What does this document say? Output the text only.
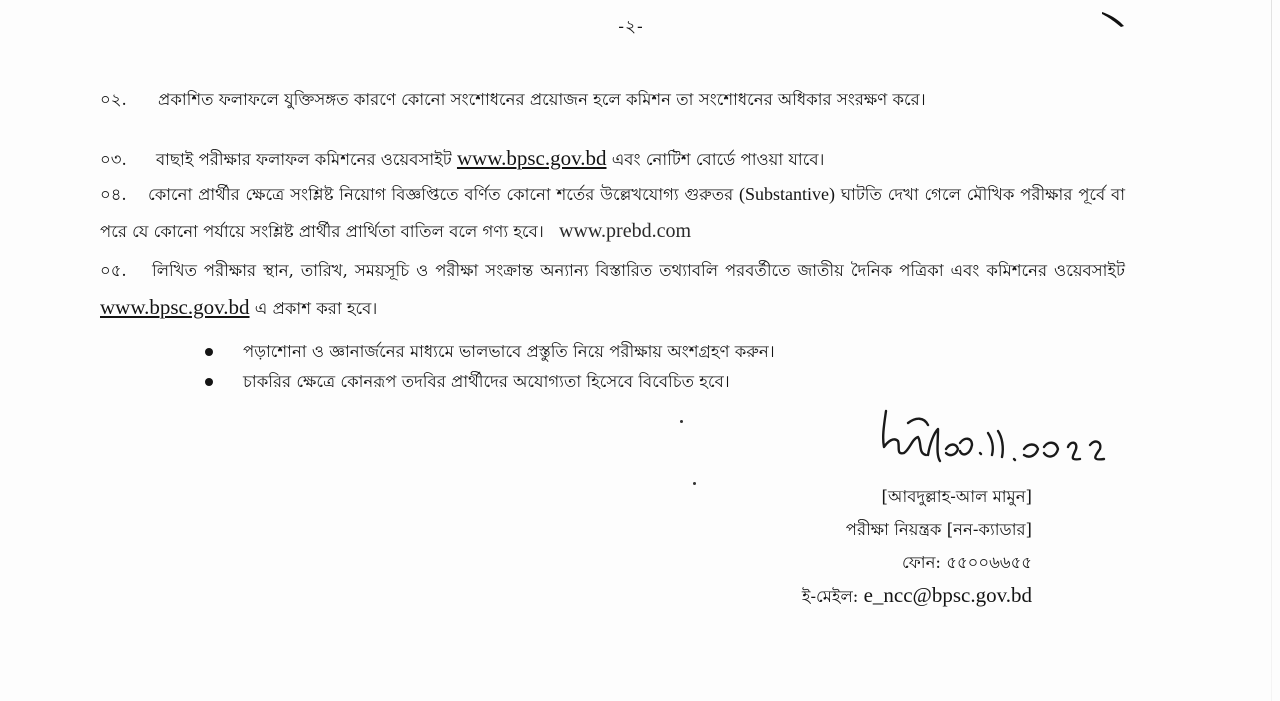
-২-
০২. প্রকাশিত ফলাফলে যুক্তিসঙ্গত কারণে কোনো সংশোধনের প্রয়োজন হলে কমিশন তা সংশোধনের অধিকার সংরক্ষণ করে।
০৩. বাছাই পরীক্ষার ফলাফল কমিশনের ওয়েবসাইট www.bpsc.gov.bd এবং নোটিশ বোর্ডে পাওয়া যাবে।
০৪. কোনো প্রার্থীর ক্ষেত্রে সংশ্লিষ্ট নিয়োগ বিজ্ঞপ্তিতে বর্ণিত কোনো শর্তের উল্লেখযোগ্য গুরুতর (Substantive) ঘাটতি দেখা গেলে মৌখিক পরীক্ষার পূর্বে বা পরে যে কোনো পর্যায়ে সংশ্লিষ্ট প্রার্থীর প্রার্থিতা বাতিল বলে গণ্য হবে। www.prebd.com
০৫. লিখিত পরীক্ষার স্থান, তারিখ, সময়সূচি ও পরীক্ষা সংক্রান্ত অন্যান্য বিস্তারিত তথ্যাবলি পরবর্তীতে জাতীয় দৈনিক পত্রিকা এবং কমিশনের ওয়েবসাইট www.bpsc.gov.bd এ প্রকাশ করা হবে।
পড়াশোনা ও জ্ঞানার্জনের মাধ্যমে ভালভাবে প্রস্তুতি নিয়ে পরীক্ষায় অংশগ্রহণ করুন।
চাকরির ক্ষেত্রে কোনরূপ তদবির প্রার্থীদের অযোগ্যতা হিসেবে বিবেচিত হবে।
[আবদুল্লাহ-আল মামুন]
পরীক্ষা নিয়ন্ত্রক [নন-ক্যাডার]
ফোন: ৫৫০০৬৬৫৫
ই-মেইল: e_ncc@bpsc.gov.bd
